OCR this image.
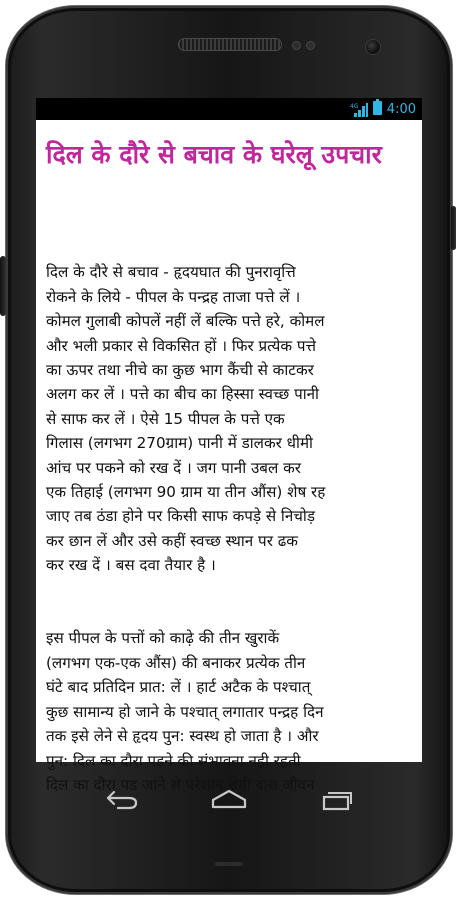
4G 4:00
दिल के दौरे से बचाव के घरेलू उपचार

दिल के दौरे से बचाव - हृदयघात की पुनरावृत्ति
रोकने के लिये - पीपल के पन्द्रह ताजा पत्ते लें ।
कोमल गुलाबी कोपलें नहीं लें बल्कि पत्ते हरे, कोमल
और भली प्रकार से विकसित हों । फिर प्रत्येक पत्ते
का ऊपर तथा नीचे का कुछ भाग कैंची से काटकर
अलग कर लें । पत्ते का बीच का हिस्सा स्वच्छ पानी
से साफ कर लें । ऐसे 15 पीपल के पत्ते एक
गिलास (लगभग 270ग्राम) पानी में डालकर धीमी
आंच पर पकने को रख दें । जग पानी उबल कर
एक तिहाई (लगभग 90 ग्राम या तीन औंस) शेष रह
जाए तब ठंडा होने पर किसी साफ कपड़े से निचोड़
कर छान लें और उसे कहीं स्वच्छ स्थान पर ढक
कर रख दें । बस दवा तैयार है ।

इस पीपल के पत्तों को काढ़े की तीन खुराकें
(लगभग एक-एक औंस) की बनाकर प्रत्येक तीन
घंटे बाद प्रतिदिन प्रात: लें । हार्ट अटैक के पश्चात्
कुछ सामान्य हो जाने के पश्चात् लगातार पन्द्रह दिन
तक इसे लेने से हृदय पुन: स्वस्थ हो जाता है । और
पुन: दिल का दौरा पड़ने की संभावना नही रहती
दिल का दौरा पड जाने से परेशान रोगी दारा जीवन
